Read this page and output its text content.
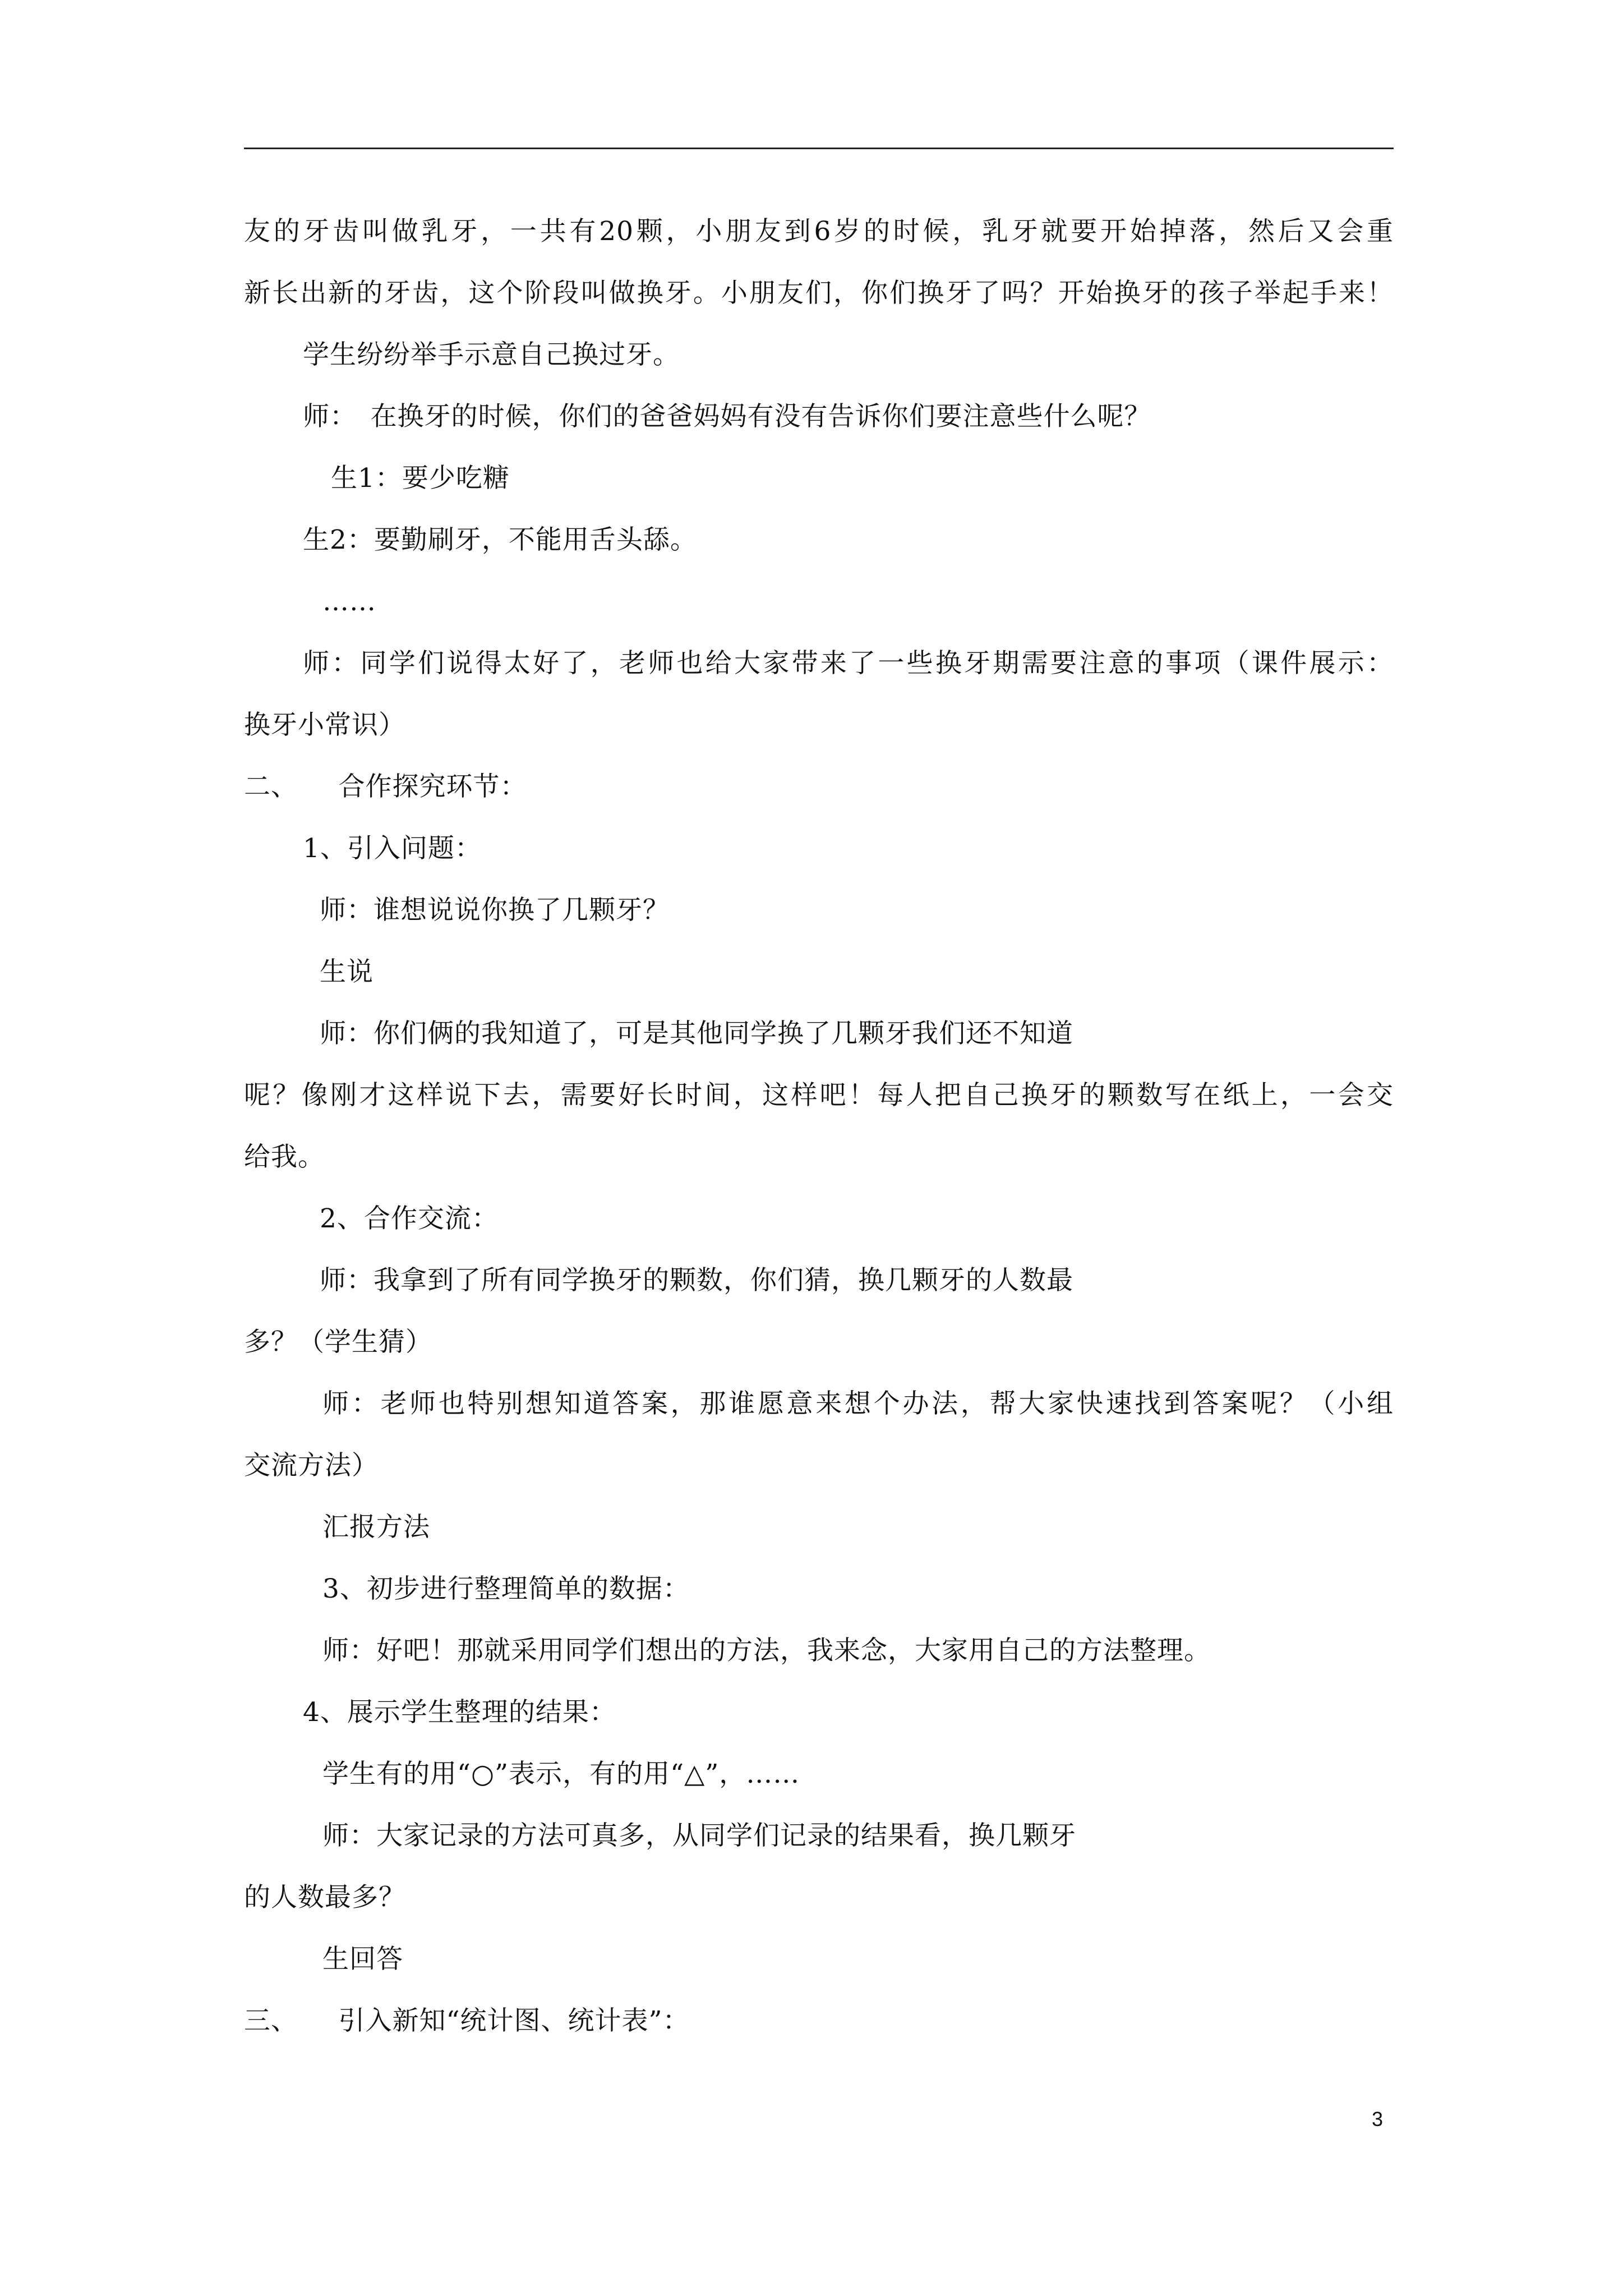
友的牙齿叫做乳牙，一共有20颗，小朋友到6岁的时候，乳牙就要开始掉落，然后又会重
新长出新的牙齿，这个阶段叫做换牙。小朋友们，你们换牙了吗？开始换牙的孩子举起手来！
学生纷纷举手示意自己换过牙。
师：　在换牙的时候，你们的爸爸妈妈有没有告诉你们要注意些什么呢？
生1：要少吃糖
生2：要勤刷牙，不能用舌头舔。
……
师：同学们说得太好了，老师也给大家带来了一些换牙期需要注意的事项（课件展示：
换牙小常识）
二、　　合作探究环节：
1、引入问题：
师：谁想说说你换了几颗牙？
生说
师：你们俩的我知道了，可是其他同学换了几颗牙我们还不知道
呢？像刚才这样说下去，需要好长时间，这样吧！每人把自己换牙的颗数写在纸上，一会交
给我。
2、合作交流：
师：我拿到了所有同学换牙的颗数，你们猜，换几颗牙的人数最
多？（学生猜）
师：老师也特别想知道答案，那谁愿意来想个办法，帮大家快速找到答案呢？（小组
交流方法）
汇报方法
3、初步进行整理简单的数据：
师：好吧！那就采用同学们想出的方法，我来念，大家用自己的方法整理。
4、展示学生整理的结果：
学生有的用“○”表示，有的用“△”，……
师：大家记录的方法可真多，从同学们记录的结果看，换几颗牙
的人数最多？
生回答
三、　　引入新知“统计图、统计表”：
3
